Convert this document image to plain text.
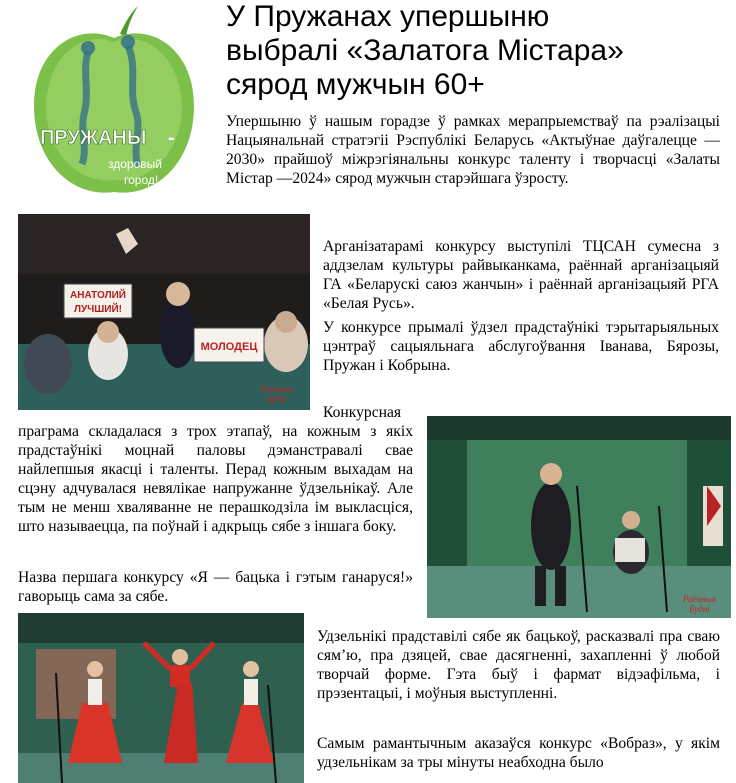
ПРУЖАНЫ -
здоровый
город!
У Пружанах упершыню
выбралі «Залатога Містара»
сярод мужчын 60+

Упершыню ў нашым горадзе ў рамках мерапрыемстваў па рэалізацыі Нацыянальнай стратэгіі Рэспублікі Беларусь «Актыўнае даўгалецце — 2030» прайшоў міжрэгіянальны конкурс таленту і творчасці «Залаты Містар —2024» сярод мужчын старэйшага ўзросту.

АНАТОЛИЙ
ЛУЧШИЙ!
МОЛОДЕЦ
Раённыя
Будні

Арганізатарамі конкурсу выступілі ТЦСАН сумесна з аддзелам культуры райвыканкама, раённай арганізацыяй ГА «Беларускі саюз жанчын» і раённай арганізацыяй РГА «Белая Русь».

У конкурсе прымалі ўдзел прадстаўнікі тэрытарыяльных цэнтраў сацыяльнага абслугоўвання Іванава, Бярозы, Пружан і Кобрына.

Конкурсная праграма складалася з трох этапаў, на кожным з якіх прадстаўнікі моцнай паловы дэманстравалі свае найлепшыя якасці і таленты. Перад кожным выхадам на сцэну адчувалася невялікае напружанне ўдзельнікаў. Але тым не менш хваляванне не перашкодзіла ім выкласціся, што называецца, па поўнай і адкрыць сябе з іншага боку.

Назва першага конкурсу «Я — бацька і гэтым ганаруся!» гаворыць сама за сябе.	Раённыя
Будні

Удзельнікі прадставілі сябе як бацькоў, расказвалі пра сваю сям’ю, пра дзяцей, свае дасягненні, захапленні ў любой творчай форме. Гэта быў і фармат відэафільма, і прэзентацыі, і моўныя выступленні.

Самым рамантычным аказаўся конкурс «Вобраз», у якім удзельнікам за тры мінуты неабходна было
